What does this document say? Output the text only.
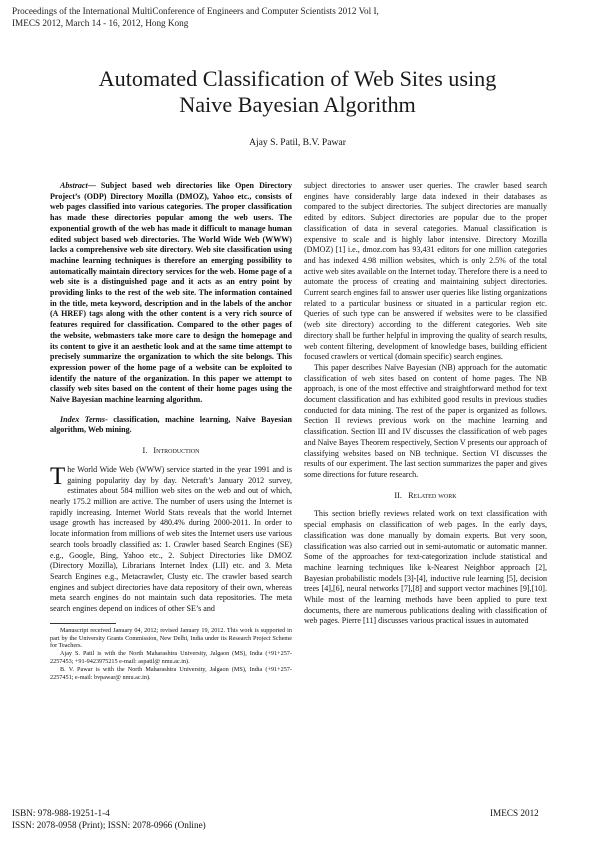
Proceedings of the International MultiConference of Engineers and Computer Scientists 2012 Vol I,
IMECS 2012, March 14 - 16, 2012, Hong Kong
Automated Classification of Web Sites using
Naive Bayesian Algorithm
Ajay S. Patil, B.V. Pawar

Abstract— Subject based web directories like Open Directory Project’s (ODP) Directory Mozilla (DMOZ), Yahoo etc., consists of web pages classified into various categories. The proper classification has made these directories popular among the web users. The exponential growth of the web has made it difficult to manage human edited subject based web directories. The World Wide Web (WWW) lacks a comprehensive web site directory. Web site classification using machine learning techniques is therefore an emerging possibility to automatically maintain directory services for the web. Home page of a web site is a distinguished page and it acts as an entry point by providing links to the rest of the web site. The information contained in the title, meta keyword, description and in the labels of the anchor (A HREF) tags along with the other content is a very rich source of features required for classification. Compared to the other pages of the website, webmasters take more care to design the homepage and its content to give it an aesthetic look and at the same time attempt to precisely summarize the organization to which the site belongs. This expression power of the home page of a website can be exploited to identify the nature of the organization. In this paper we attempt to classify web sites based on the content of their home pages using the Naïve Bayesian machine learning algorithm.

Index Terms- classification, machine learning, Naïve Bayesian algorithm, Web mining.

I. Introduction

The World Wide Web (WWW) service started in the year 1991 and is gaining popularity day by day. Netcraft’s January 2012 survey, estimates about 584 million web sites on the web and out of which, nearly 175.2 million are active. The number of users using the Internet is rapidly increasing. Internet World Stats reveals that the world Internet usage growth has increased by 480.4% during 2000-2011. In order to locate information from millions of web sites the Internet users use various search tools broadly classified as: 1. Crawler based Search Engines (SE) e.g., Google, Bing, Yahoo etc., 2. Subject Directories like DMOZ (Directory Mozilla), Librarians Internet Index (LII) etc. and 3. Meta Search Engines e.g., Metacrawler, Clusty etc. The crawler based search engines and subject directories have data repository of their own, whereas meta search engines do not maintain such data repositories. The meta search engines depend on indices of other SE’s and

Manuscript received January 04, 2012; revised January 19, 2012. This work is supported in part by the University Grants Commission, New Delhi, India under its Research Project Scheme for Teachers.

Ajay S. Patil is with the North Maharashtra University, Jalgaon (MS), India (+91+257-2257453; +91-9423975215 e-mail: aspatil@ nmu.ac.in).

B. V. Pawar is with the North Maharashtra University, Jalgaon (MS), India (+91+257-2257451; e-mail: bvpawar@ nmu.ac.in).

subject directories to answer user queries. The crawler based search engines have considerably large data indexed in their databases as compared to the subject directories. The subject directories are manually edited by editors. Subject directories are popular due to the proper classification of data in several categories. Manual classification is expensive to scale and is highly labor intensive. Directory Mozilla (DMOZ) [1] i.e., dmoz.com has 93,431 editors for one million categories and has indexed 4.98 million websites, which is only 2.5% of the total active web sites available on the Internet today. Therefore there is a need to automate the process of creating and maintaining subject directories. Current search engines fail to answer user queries like listing organizations related to a particular business or situated in a particular region etc. Queries of such type can be answered if websites were to be classified (web site directory) according to the different categories. Web site directory shall be further helpful in improving the quality of search results, web content filtering, development of knowledge bases, building efficient focused crawlers or vertical (domain specific) search engines.

This paper describes Naïve Bayesian (NB) approach for the automatic classification of web sites based on content of home pages. The NB approach, is one of the most effective and straightforward method for text document classification and has exhibited good results in previous studies conducted for data mining. The rest of the paper is organized as follows. Section II reviews previous work on the machine learning and classification. Section III and IV discusses the classification of web pages and Naïve Bayes Theorem respectively, Section V presents our approach of classifying websites based on NB technique. Section VI discusses the results of our experiment. The last section summarizes the paper and gives some directions for future research.

II. Related work

This section briefly reviews related work on text classification with special emphasis on classification of web pages. In the early days, classification was done manually by domain experts. But very soon, classification was also carried out in semi-automatic or automatic manner. Some of the approaches for text-categorization include statistical and machine learning techniques like k-Nearest Neighbor approach [2], Bayesian probabilistic models [3]-[4], inductive rule learning [5], decision trees [4],[6], neural networks [7],[8] and support vector machines [9],[10]. While most of the learning methods have been applied to pure text documents, there are numerous publications dealing with classification of web pages. Pierre [11] discusses various practical issues in automated

ISBN: 978-988-19251-1-4
ISSN: 2078-0958 (Print); ISSN: 2078-0966 (Online)
IMECS 2012
